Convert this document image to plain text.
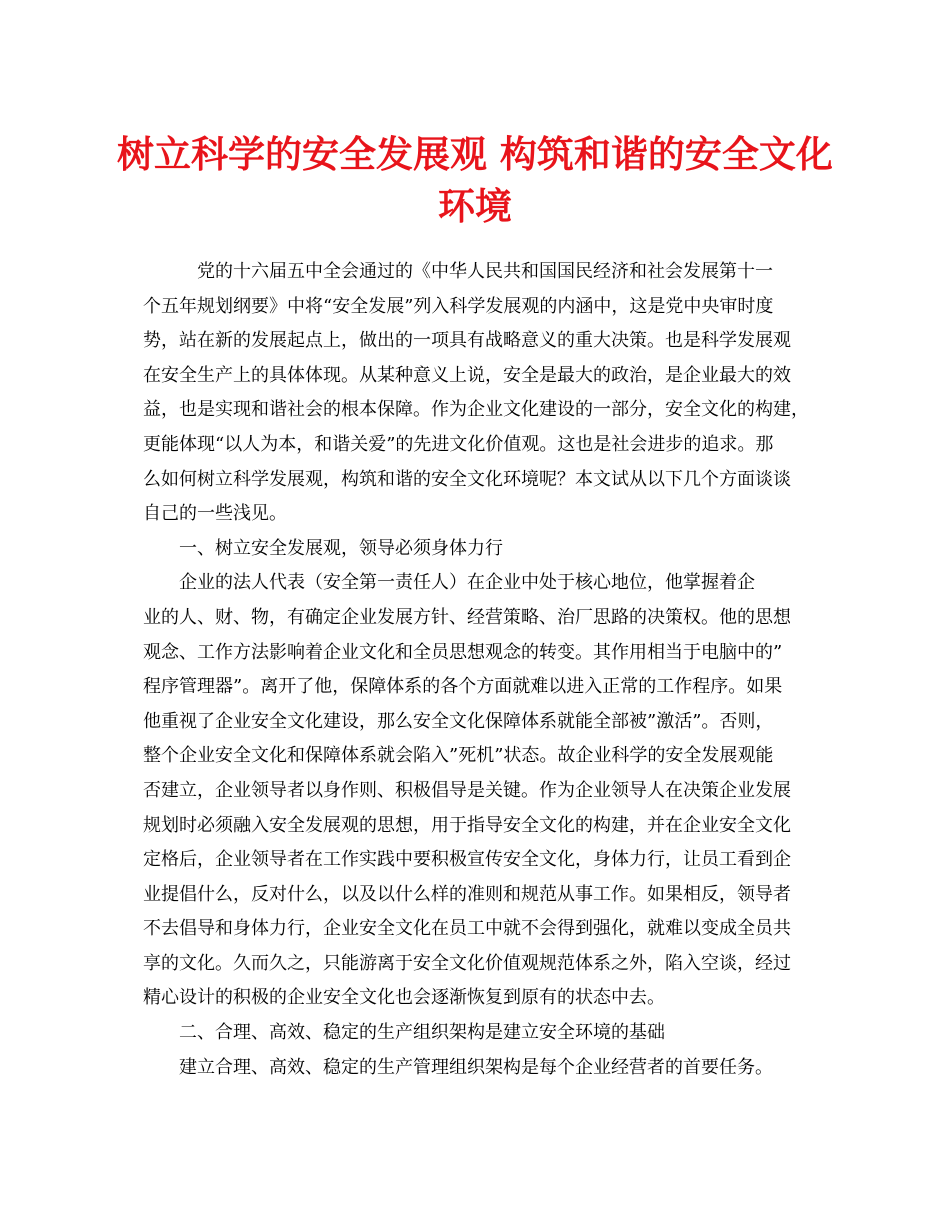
树立科学的安全发展观 构筑和谐的安全文化
环境
　　　党的十六届五中全会通过的《中华人民共和国国民经济和社会发展第十一
个五年规划纲要》中将“安全发展”列入科学发展观的内涵中，这是党中央审时度
势，站在新的发展起点上，做出的一项具有战略意义的重大决策。也是科学发展观
在安全生产上的具体体现。从某种意义上说，安全是最大的政治，是企业最大的效
益，也是实现和谐社会的根本保障。作为企业文化建设的一部分，安全文化的构建，
更能体现“以人为本，和谐关爱”的先进文化价值观。这也是社会进步的追求。那
么如何树立科学发展观，构筑和谐的安全文化环境呢？本文试从以下几个方面谈谈
自己的一些浅见。
　　一、树立安全发展观，领导必须身体力行
　　企业的法人代表（安全第一责任人）在企业中处于核心地位，他掌握着企
业的人、财、物，有确定企业发展方针、经营策略、治厂思路的决策权。他的思想
观念、工作方法影响着企业文化和全员思想观念的转变。其作用相当于电脑中的”
程序管理器”。离开了他，保障体系的各个方面就难以进入正常的工作程序。如果
他重视了企业安全文化建设，那么安全文化保障体系就能全部被”激活”。否则，
整个企业安全文化和保障体系就会陷入”死机”状态。故企业科学的安全发展观能
否建立，企业领导者以身作则、积极倡导是关键。作为企业领导人在决策企业发展
规划时必须融入安全发展观的思想，用于指导安全文化的构建，并在企业安全文化
定格后，企业领导者在工作实践中要积极宣传安全文化，身体力行，让员工看到企
业提倡什么，反对什么，以及以什么样的准则和规范从事工作。如果相反，领导者
不去倡导和身体力行，企业安全文化在员工中就不会得到强化，就难以变成全员共
享的文化。久而久之，只能游离于安全文化价值观规范体系之外，陷入空谈，经过
精心设计的积极的企业安全文化也会逐渐恢复到原有的状态中去。
　　二、合理、高效、稳定的生产组织架构是建立安全环境的基础
　　建立合理、高效、稳定的生产管理组织架构是每个企业经营者的首要任务。
